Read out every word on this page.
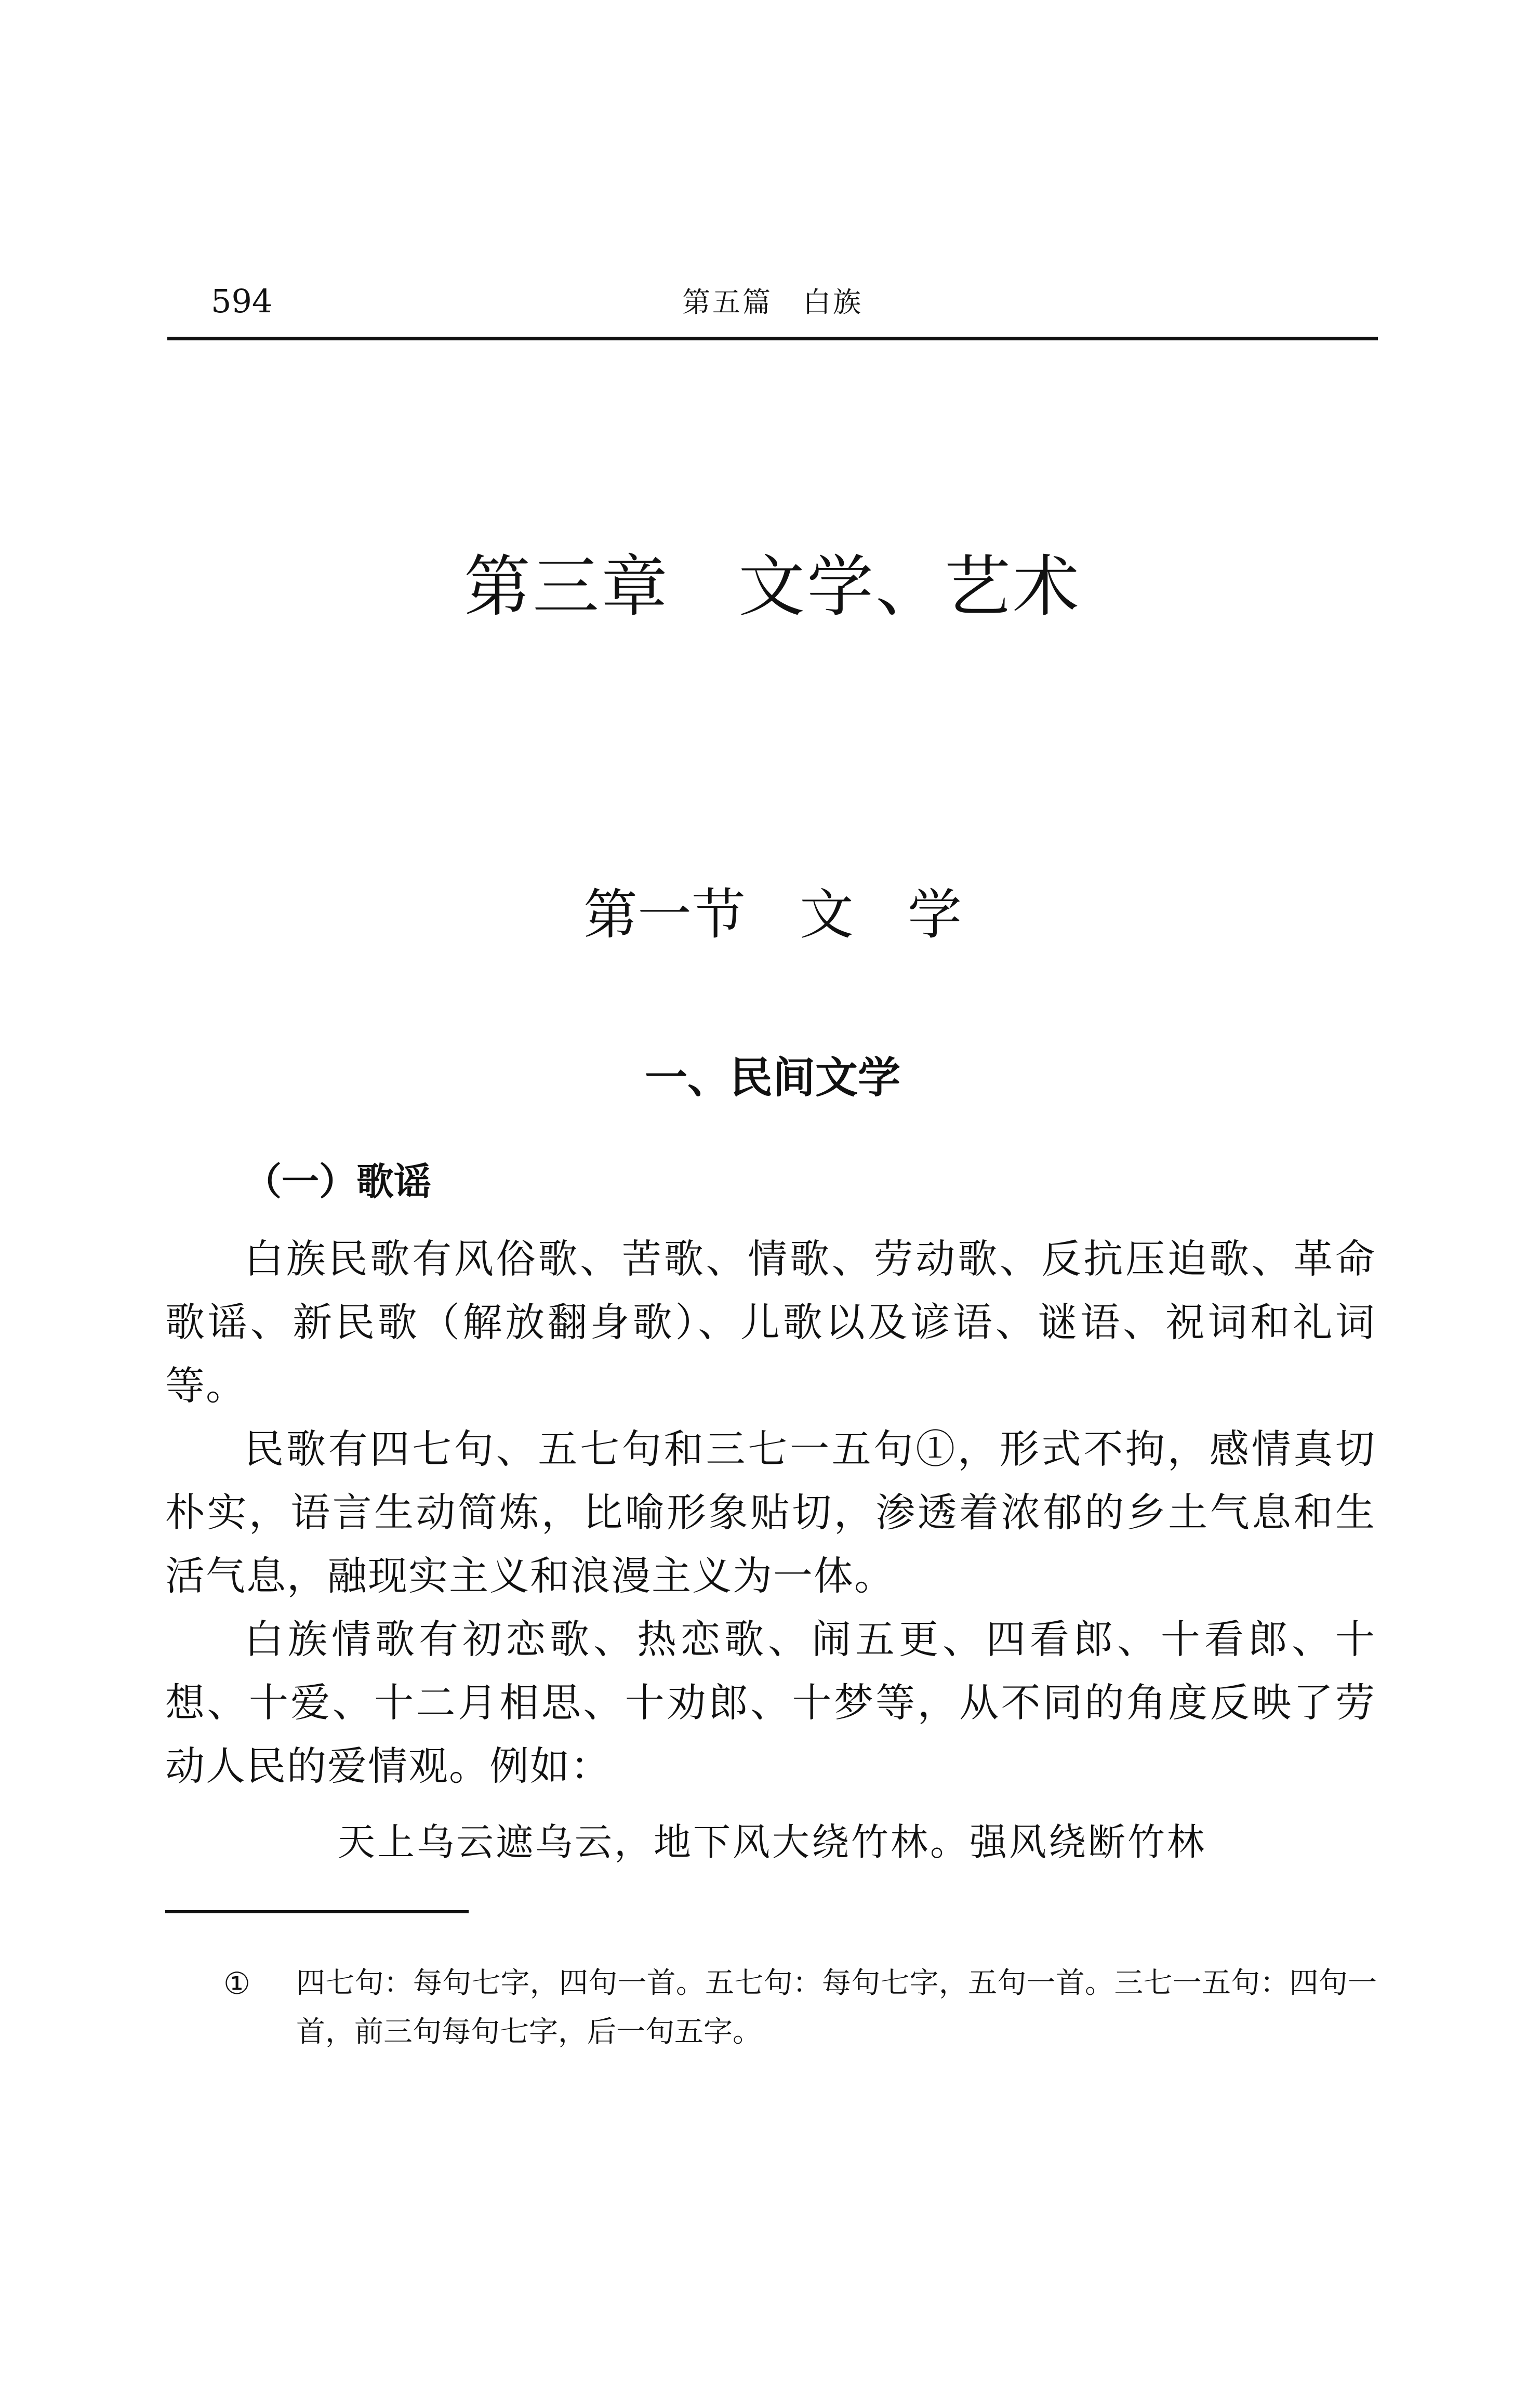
594	第五篇　白族
第三章　文学、艺术
第一节　文　学
一、民间文学
（一）歌谣

白族民歌有风俗歌、苦歌、情歌、劳动歌、反抗压迫歌、革命歌谣、新民歌（解放翻身歌）、儿歌以及谚语、谜语、祝词和礼词等。

民歌有四七句、五七句和三七一五句①，形式不拘，感情真切朴实，语言生动简炼，比喻形象贴切，渗透着浓郁的乡土气息和生活气息，融现实主义和浪漫主义为一体。

白族情歌有初恋歌、热恋歌、闹五更、四看郎、十看郎、十想、十爱、十二月相思、十劝郎、十梦等，从不同的角度反映了劳动人民的爱情观。例如：

天上乌云遮乌云，地下风大绕竹林。强风绕断竹林
① 四七句：每句七字，四句一首。五七句：每句七字，五句一首。三七一五句：四句一首，前三句每句七字，后一句五字。
